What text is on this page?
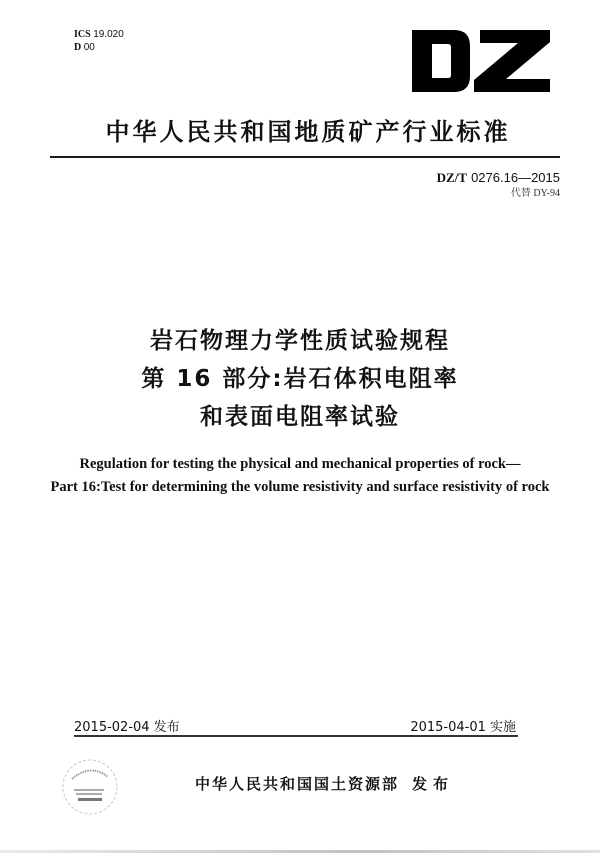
ICS 19.020
D 00
中华人民共和国地质矿产行业标准
DZ/T 0276.16—2015
代替 DY-94
岩石物理力学性质试验规程
第 16 部分:岩石体积电阻率
和表面电阻率试验
Regulation for testing the physical and mechanical properties of rock—
Part 16:Test for determining the volume resistivity and surface resistivity of rock
2015-02-04 发布	2015-04-01 实施
中华人民共和国国土资源部 发布
